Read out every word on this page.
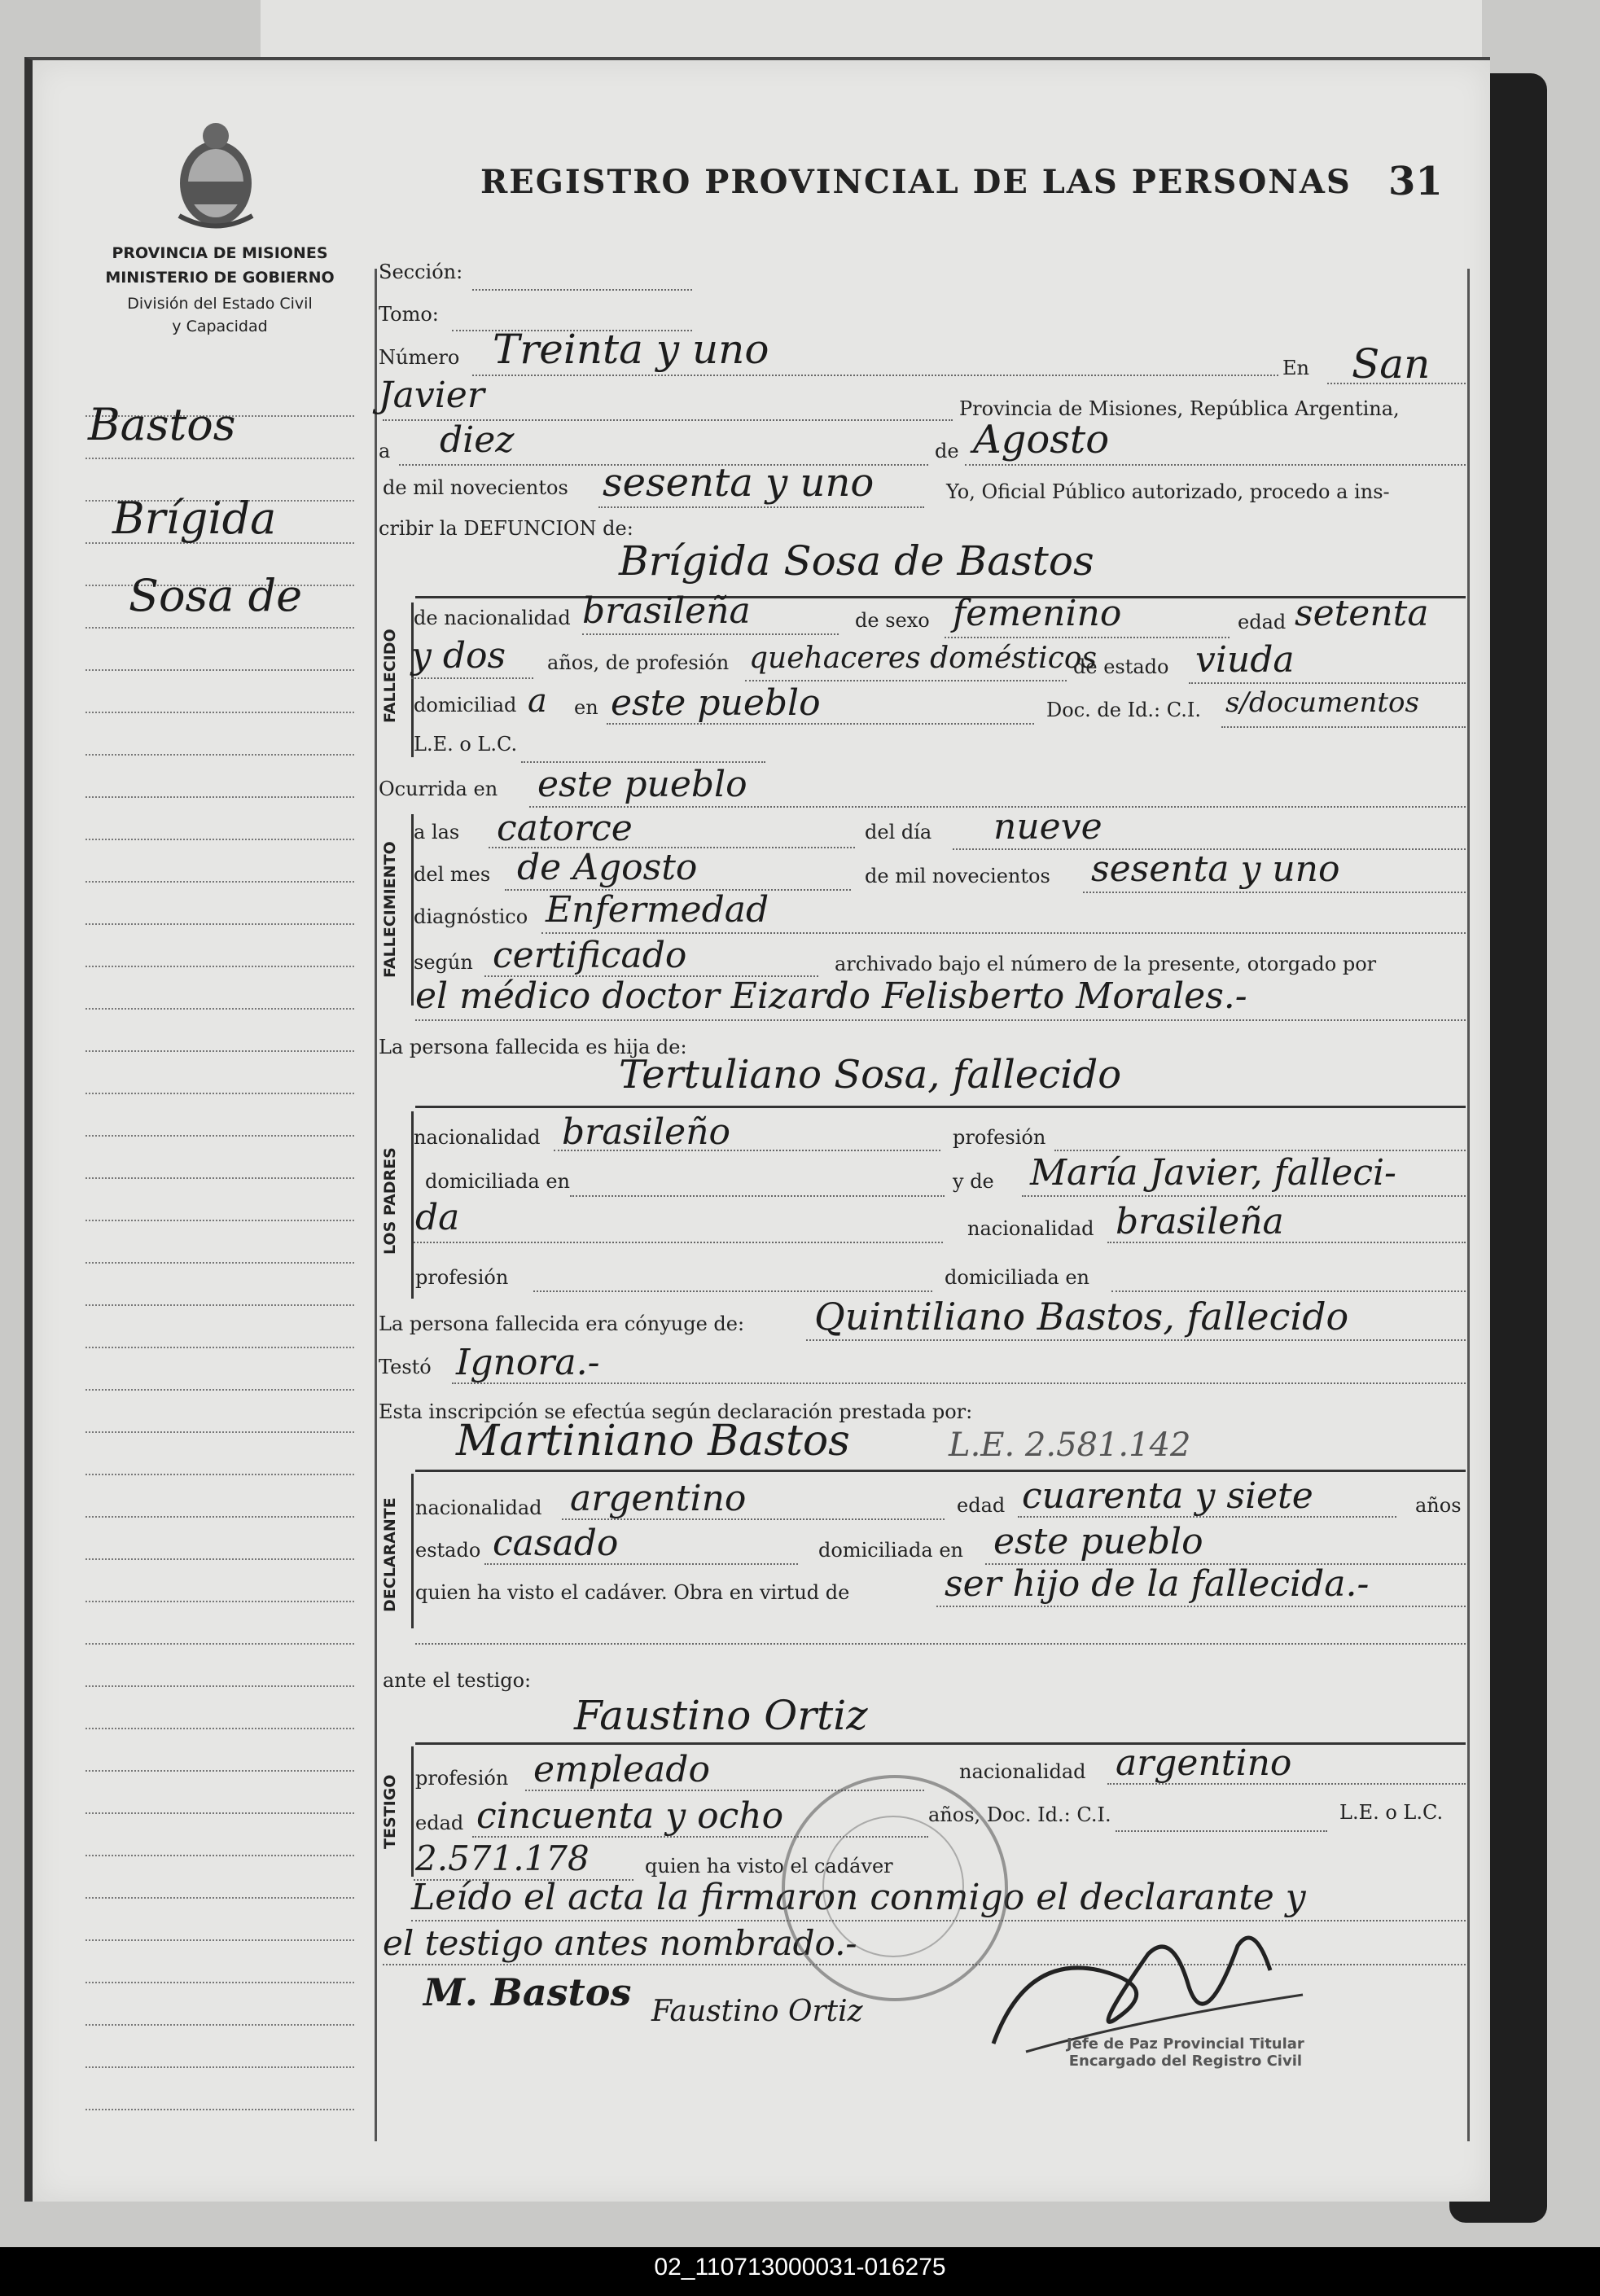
PROVINCIA DE MISIONES
MINISTERIO DE GOBIERNO
División del Estado Civil
y Capacidad
REGISTRO PROVINCIAL DE LAS PERSONAS 31
Bastos
Brígida
Sosa de
Sección:
Tomo:
Número Treinta y uno	En San
Javier	Provincia de Misiones, República Argentina,
a diez	de Agosto
de mil novecientos sesenta y uno	Yo, Oficial Público autorizado, procedo a ins-
cribir la DEFUNCION de:
Brígida Sosa de Bastos
FALLECIDO
de nacionalidad brasileña	de sexo femenino	edad setenta
y dos años, de profesión quehaceres domésticos
de estado viuda
domiciliad a en este pueblo	Doc. de Id.: C.I. s/documentos
L.E. o L.C.
Ocurrida en este pueblo
FALLECIMIENTO
a las catorce	del día nueve
del mes de Agosto	de mil novecientos sesenta y uno
diagnóstico Enfermedad
según certificado	archivado bajo el número de la presente, otorgado por
el médico doctor Eizardo Felisberto Morales.-
La persona fallecida es hija de:
Tertuliano Sosa, fallecido
LOS PADRES
nacionalidad brasileño	profesión
domiciliada en	y de María Javier, falleci-
da	nacionalidad brasileña
profesión	domiciliada en
La persona fallecida era cónyuge de: Quintiliano Bastos, fallecido
Testó Ignora.-
Esta inscripción se efectúa según declaración prestada por:
Martiniano Bastos	L.E. 2.581.142
DECLARANTE nacionalidad argentino	edad cuarenta y siete	años
estado casado	domiciliada en este pueblo
quien ha visto el cadáver. Obra en virtud de	ser hijo de la fallecida.-
ante el testigo:
Faustino Ortiz
TESTIGO profesión empleado	nacionalidad argentino
edad cincuenta y ocho	años, Doc. Id.: C.I.	L.E. o L.C.
2.571.178	quien ha visto el cadáver
Leído el acta la firmaron conmigo el declarante y
el testigo antes nombrado.-
M. Bastos Faustino Ortiz
Jefe de Paz Provincial Titular
Encargado del Registro Civil
02_110713000031-016275
